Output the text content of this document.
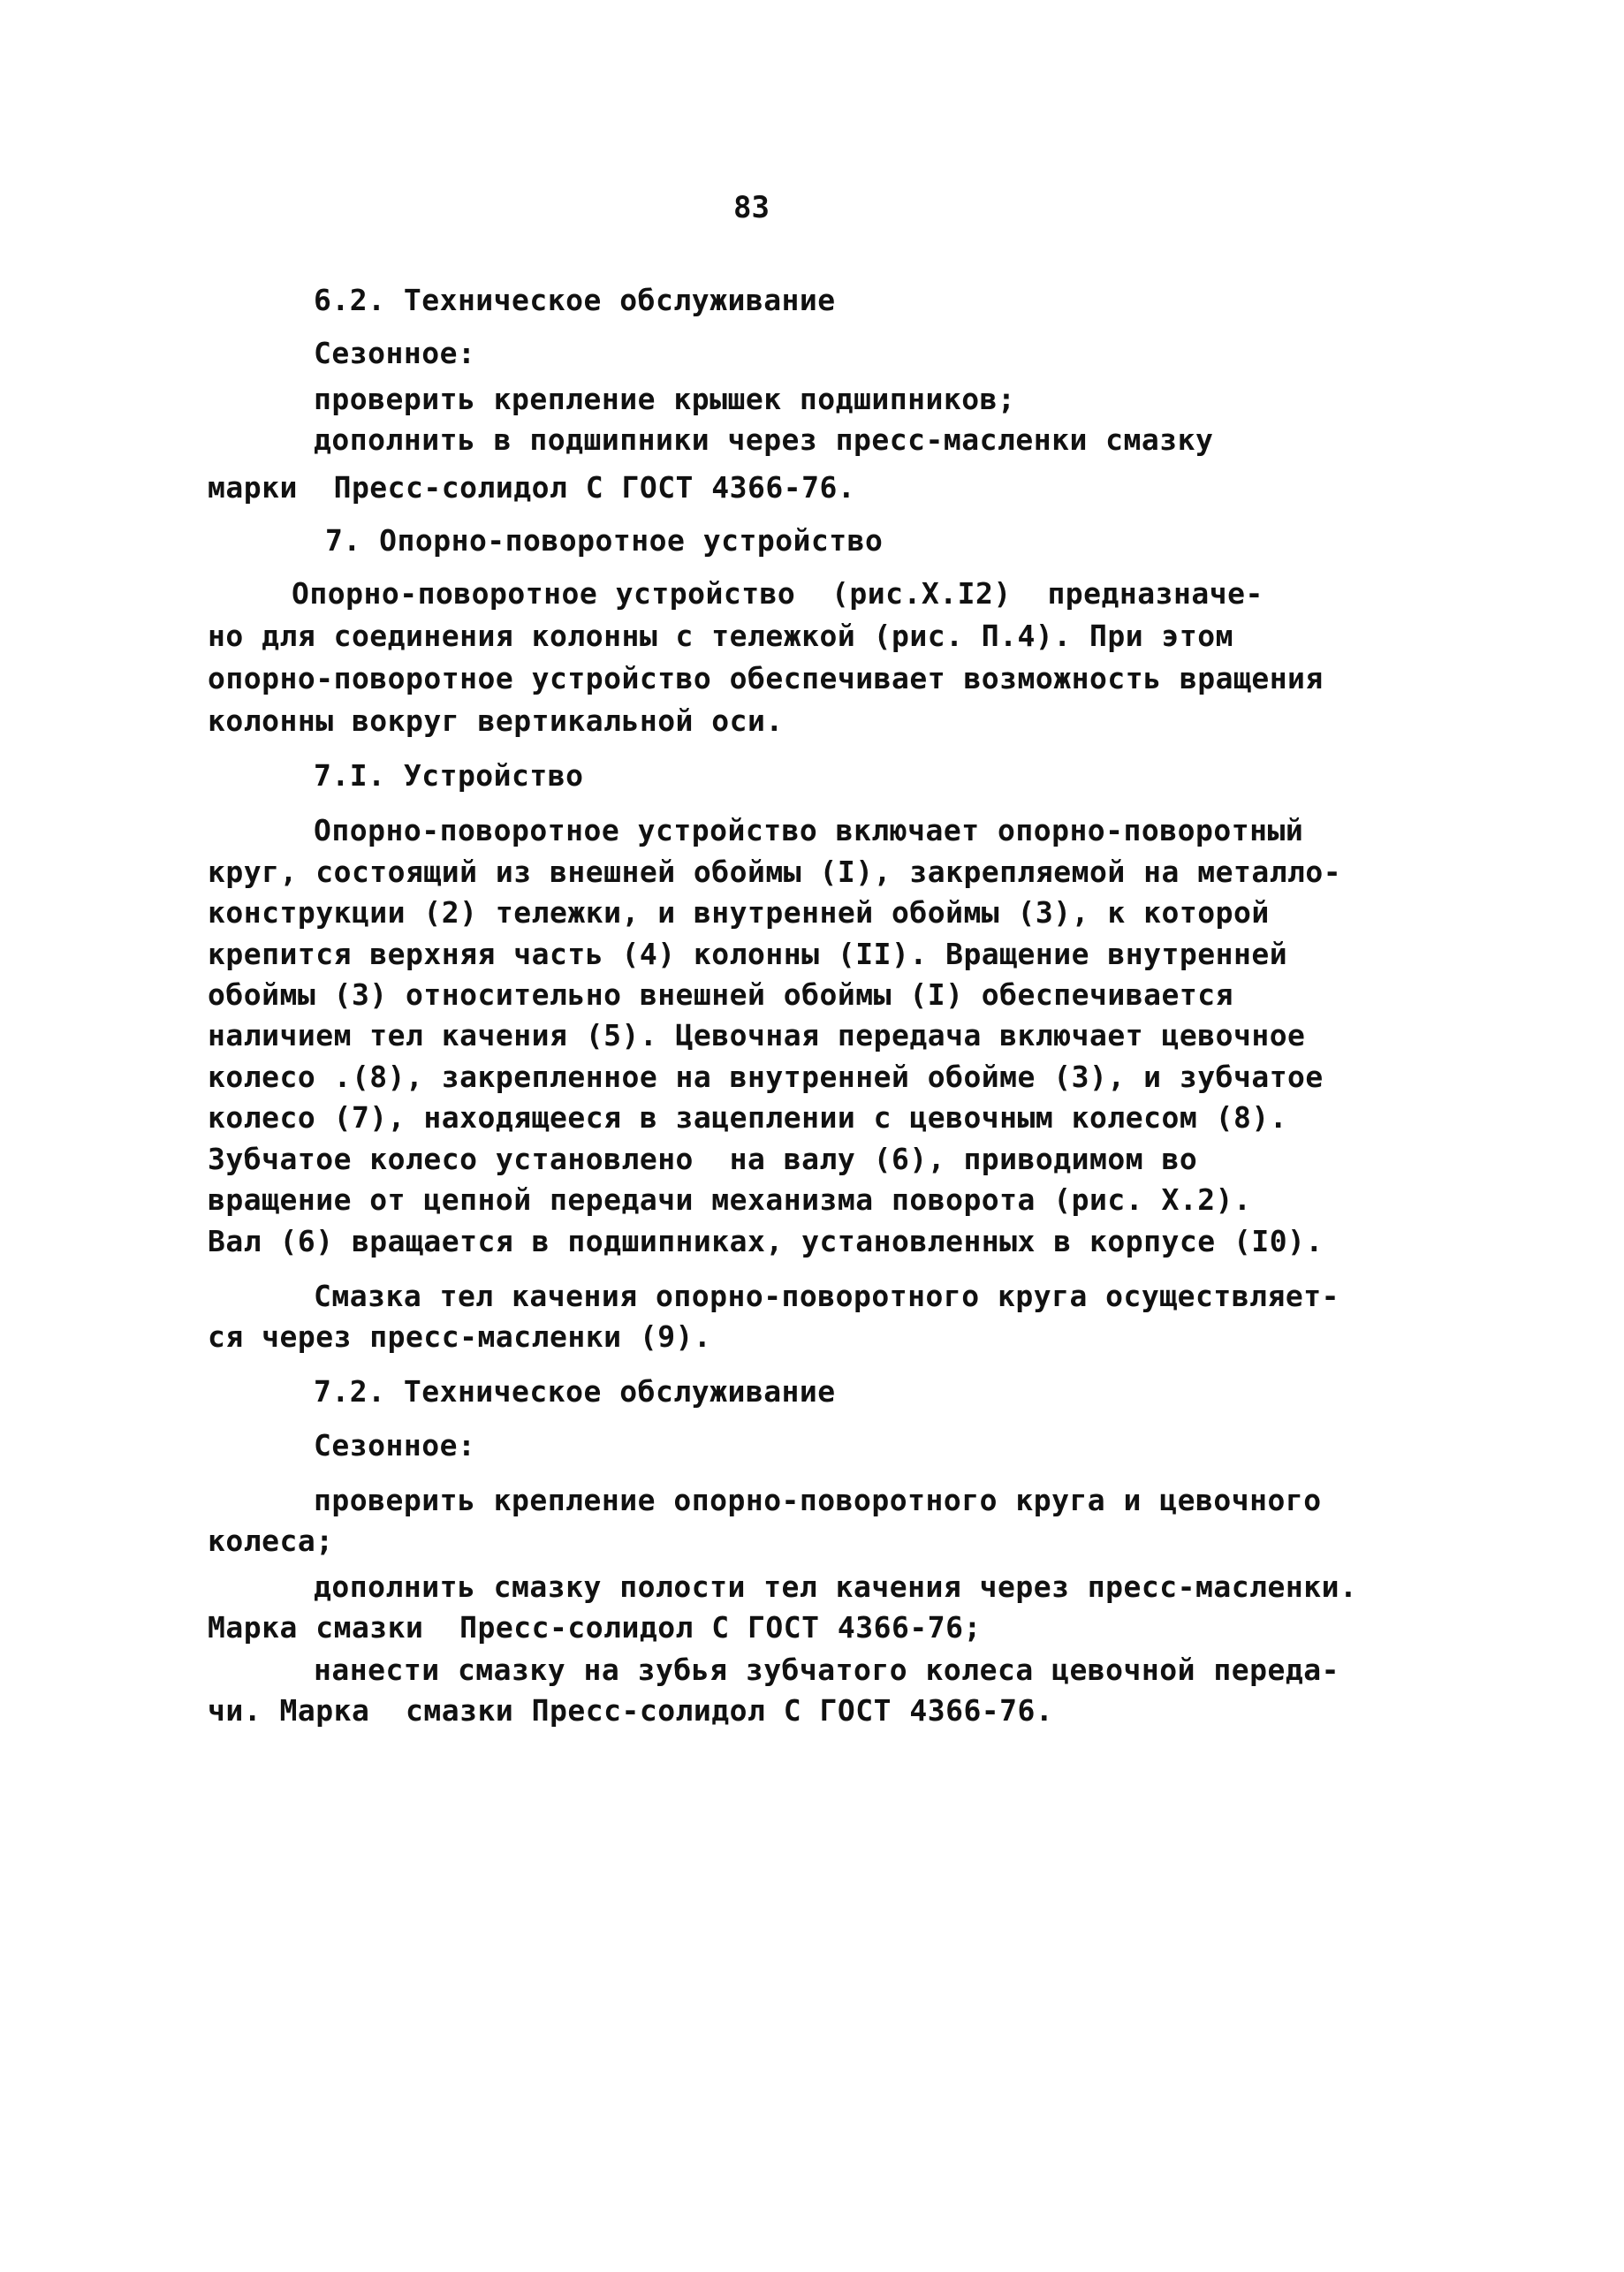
83
6.2. Техническое обслуживание
Сезонное:
проверить крепление крышек подшипников;
дополнить в подшипники через пресс-масленки смазку
марки  Пресс-солидол С ГОСТ 4366-76.
7. Опорно-поворотное устройство
Опорно-поворотное устройство  (рис.X.I2)  предназначе-
но для соединения колонны с тележкой (рис. П.4). При этом
опорно-поворотное устройство обеспечивает возможность вращения
колонны вокруг вертикальной оси.
7.I. Устройство
Опорно-поворотное устройство включает опорно-поворотный
круг, состоящий из внешней обоймы (I), закрепляемой на металло-
конструкции (2) тележки, и внутренней обоймы (3), к которой
крепится верхняя часть (4) колонны (II). Вращение внутренней
обоймы (3) относительно внешней обоймы (I) обеспечивается
наличием тел качения (5). Цевочная передача включает цевочное
колесо .(8), закрепленное на внутренней обойме (3), и зубчатое
колесо (7), находящееся в зацеплении с цевочным колесом (8).
Зубчатое колесо установлено  на валу (6), приводимом во
вращение от цепной передачи механизма поворота (рис. X.2).
Вал (6) вращается в подшипниках, установленных в корпусе (I0).
Смазка тел качения опорно-поворотного круга осуществляет-
ся через пресс-масленки (9).
7.2. Техническое обслуживание
Сезонное:
проверить крепление опорно-поворотного круга и цевочного
колеса;
дополнить смазку полости тел качения через пресс-масленки.
Марка смазки  Пресс-солидол С ГОСТ 4366-76;
нанести смазку на зубья зубчатого колеса цевочной переда-
чи. Марка  смазки Пресс-солидол С ГОСТ 4366-76.
